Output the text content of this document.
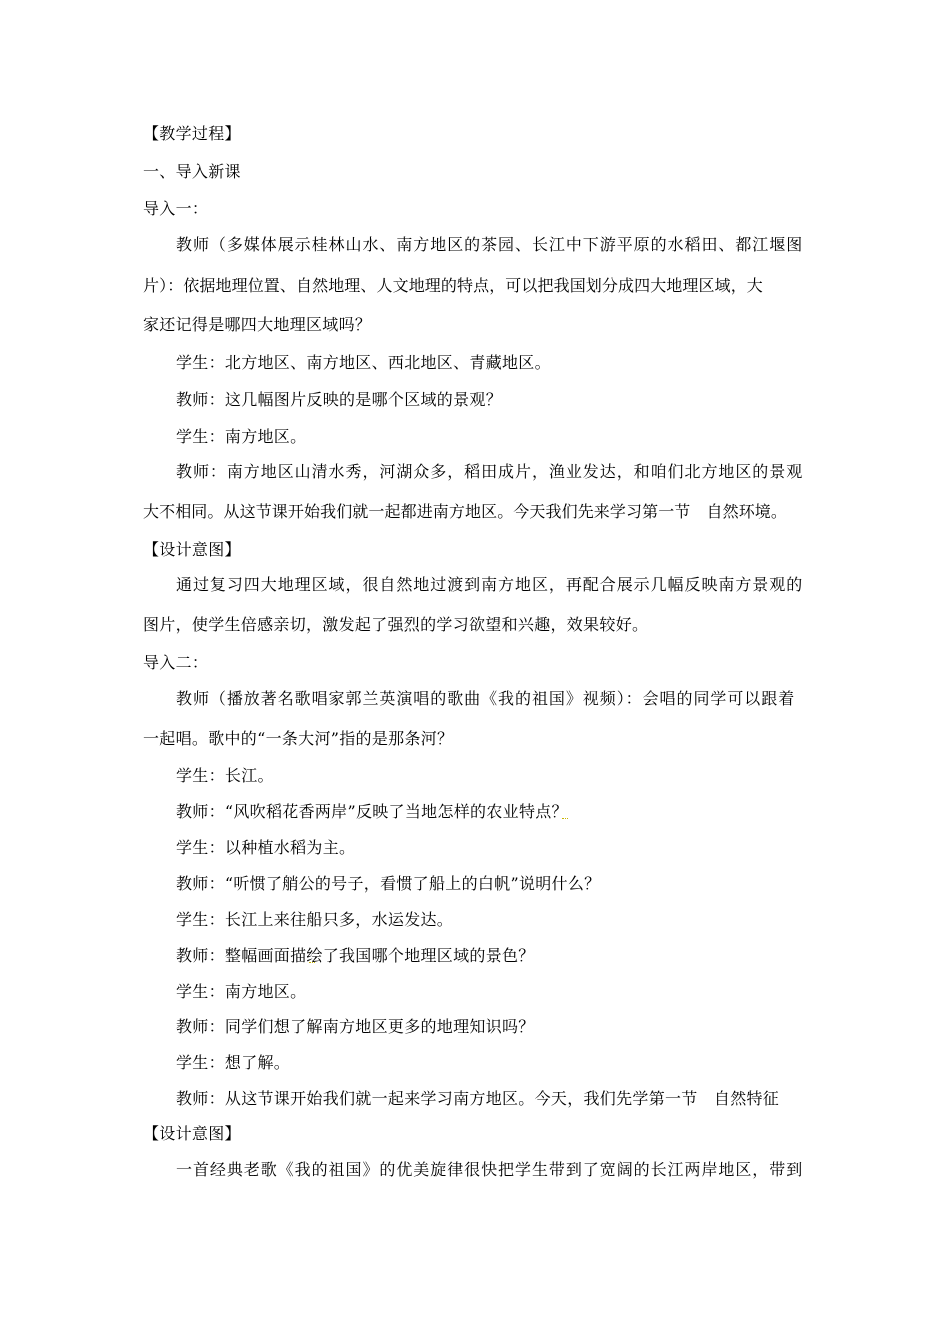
【教学过程】
一、导入新课
导入一：
教师（多媒体展示桂林山水、南方地区的茶园、长江中下游平原的水稻田、都江堰图
片）：依据地理位置、自然地理、人文地理的特点，可以把我国划分成四大地理区域，大
家还记得是哪四大地理区域吗？
学生：北方地区、南方地区、西北地区、青藏地区。
教师：这几幅图片反映的是哪个区域的景观？
学生：南方地区。
教师：南方地区山清水秀，河湖众多，稻田成片，渔业发达，和咱们北方地区的景观
大不相同。从这节课开始我们就一起都进南方地区。今天我们先来学习第一节　自然环境。
【设计意图】
通过复习四大地理区域，很自然地过渡到南方地区，再配合展示几幅反映南方景观的
图片，使学生倍感亲切，激发起了强烈的学习欲望和兴趣，效果较好。
导入二：
教师（播放著名歌唱家郭兰英演唱的歌曲《我的祖国》视频）：会唱的同学可以跟着
一起唱。歌中的“一条大河”指的是那条河？
学生：长江。
教师：“风吹稻花香两岸”反映了当地怎样的农业特点？
学生：以种植水稻为主。
教师：“听惯了艄公的号子，看惯了船上的白帆”说明什么？
学生：长江上来往船只多，水运发达。
教师：整幅画面描绘了我国哪个地理区域的景色？
学生：南方地区。
教师：同学们想了解南方地区更多的地理知识吗？
学生：想了解。
教师：从这节课开始我们就一起来学习南方地区。今天，我们先学第一节　自然特征
【设计意图】
一首经典老歌《我的祖国》的优美旋律很快把学生带到了宽阔的长江两岸地区，带到
